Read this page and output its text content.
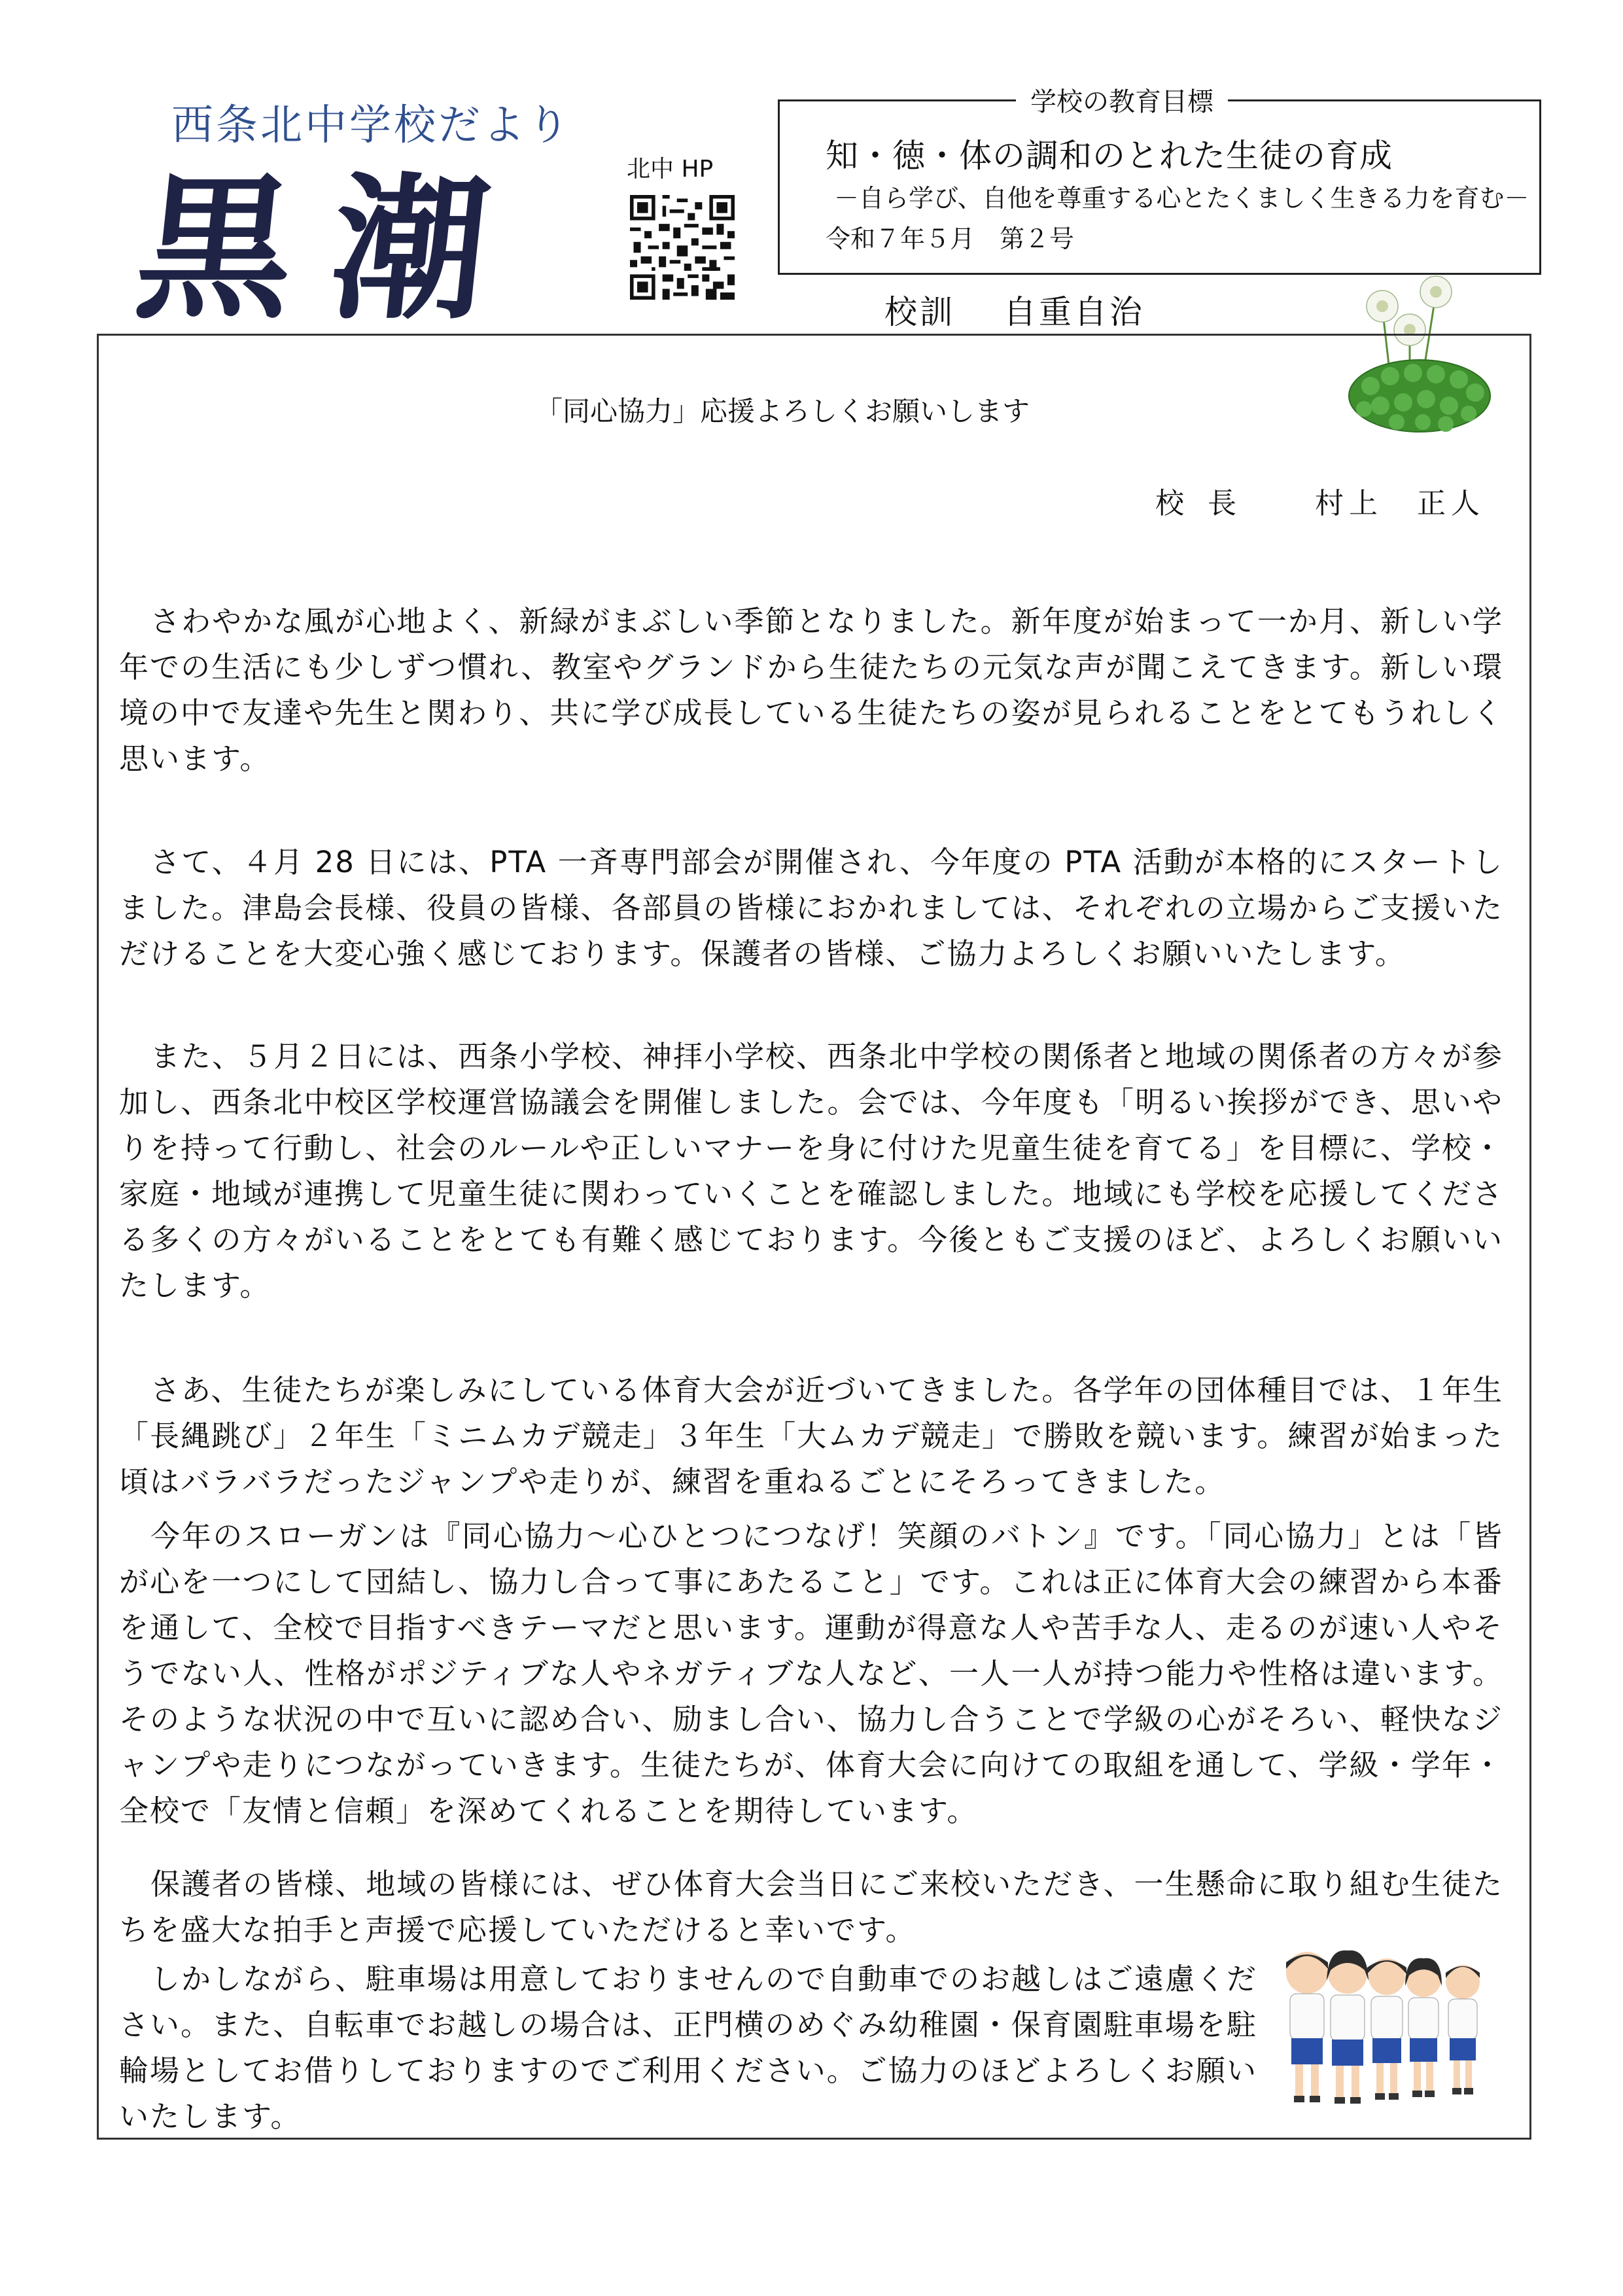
西条北中学校だより
黒潮	北中 HP
学校の教育目標
知・徳・体の調和のとれた生徒の育成
－自ら学び、自他を尊重する心とたくましく生きる力を育む－
令和７年５月　第２号
校訓　 自重自治
「同心協力」応援よろしくお願いします
校長 村上　正人

さわやかな風が心地よく、新緑がまぶしい季節となりました。新年度が始まって一か月、新しい学年での生活にも少しずつ慣れ、教室やグランドから生徒たちの元気な声が聞こえてきます。新しい環境の中で友達や先生と関わり、共に学び成長している生徒たちの姿が見られることをとてもうれしく思います。

さて、４月 28 日には、PTA 一斉専門部会が開催され、今年度の PTA 活動が本格的にスタートしました。津島会長様、役員の皆様、各部員の皆様におかれましては、それぞれの立場からご支援いただけることを大変心強く感じております。保護者の皆様、ご協力よろしくお願いいたします。

また、５月２日には、西条小学校、神拝小学校、西条北中学校の関係者と地域の関係者の方々が参加し、西条北中校区学校運営協議会を開催しました。会では、今年度も「明るい挨拶ができ、思いやりを持って行動し、社会のルールや正しいマナーを身に付けた児童生徒を育てる」を目標に、学校・家庭・地域が連携して児童生徒に関わっていくことを確認しました。地域にも学校を応援してくださる多くの方々がいることをとても有難く感じております。今後ともご支援のほど、よろしくお願いいたします。

さあ、生徒たちが楽しみにしている体育大会が近づいてきました。各学年の団体種目では、１年生「長縄跳び」２年生「ミニムカデ競走」３年生「大ムカデ競走」で勝敗を競います。練習が始まった頃はバラバラだったジャンプや走りが、練習を重ねるごとにそろってきました。

今年のスローガンは『同心協力～心ひとつにつなげ！笑顔のバトン』です。「同心協力」とは「皆が心を一つにして団結し、協力し合って事にあたること」です。これは正に体育大会の練習から本番を通して、全校で目指すべきテーマだと思います。運動が得意な人や苦手な人、走るのが速い人やそうでない人、性格がポジティブな人やネガティブな人など、一人一人が持つ能力や性格は違います。そのような状況の中で互いに認め合い、励まし合い、協力し合うことで学級の心がそろい、軽快なジャンプや走りにつながっていきます。生徒たちが、体育大会に向けての取組を通して、学級・学年・全校で「友情と信頼」を深めてくれることを期待しています。

保護者の皆様、地域の皆様には、ぜひ体育大会当日にご来校いただき、一生懸命に取り組む生徒たちを盛大な拍手と声援で応援していただけると幸いです。

しかしながら、駐車場は用意しておりませんので自動車でのお越しはご遠慮ください。また、自転車でお越しの場合は、正門横のめぐみ幼稚園・保育園駐車場を駐輪場としてお借りしておりますのでご利用ください。ご協力のほどよろしくお願いいたします。
